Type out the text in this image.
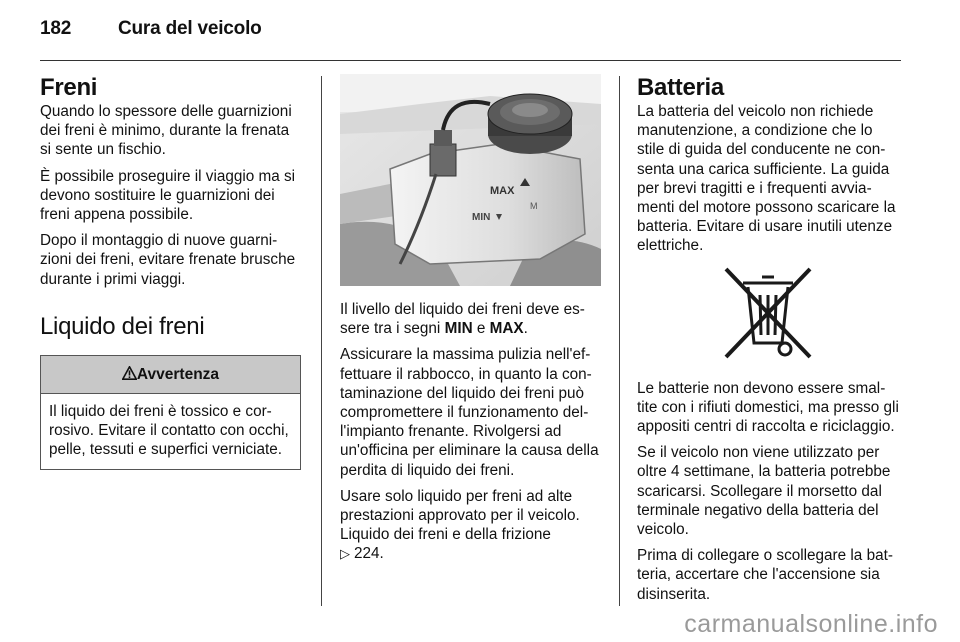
182 Cura del veicolo
Freni

Quando lo spessore delle guarnizioni dei freni è minimo, durante la frenata si sente un fischio.

È possibile proseguire il viaggio ma si devono sostituire le guarnizioni dei freni appena possibile.

Dopo il montaggio di nuove guarnizioni dei freni, evitare frenate brusche durante i primi viaggi.

Liquido dei freni
Avvertenza
Il liquido dei freni è tossico e corrosivo. Evitare il contatto con occhi, pelle, tessuti e superfici verniciate.
MAX
MIN
M

Il livello del liquido dei freni deve essere tra i segni MIN e MAX.

Assicurare la massima pulizia nell'effettuare il rabbocco, in quanto la contaminazione del liquido dei freni può compromettere il funzionamento dell'impianto frenante. Rivolgersi ad un'officina per eliminare la causa della perdita di liquido dei freni.

Usare solo liquido per freni ad alte prestazioni approvato per il veicolo. Liquido dei freni e della frizione
▷ 224.

Batteria

La batteria del veicolo non richiede manutenzione, a condizione che lo stile di guida del conducente ne consenta una carica sufficiente. La guida per brevi tragitti e i frequenti avviamenti del motore possono scaricare la batteria. Evitare di usare inutili utenze elettriche.

Le batterie non devono essere smaltite con i rifiuti domestici, ma presso gli appositi centri di raccolta e riciclaggio.

Se il veicolo non viene utilizzato per oltre 4 settimane, la batteria potrebbe scaricarsi. Scollegare il morsetto dal terminale negativo della batteria del veicolo.

Prima di collegare o scollegare la batteria, accertare che l'accensione sia disinserita.

carmanualsonline.info
